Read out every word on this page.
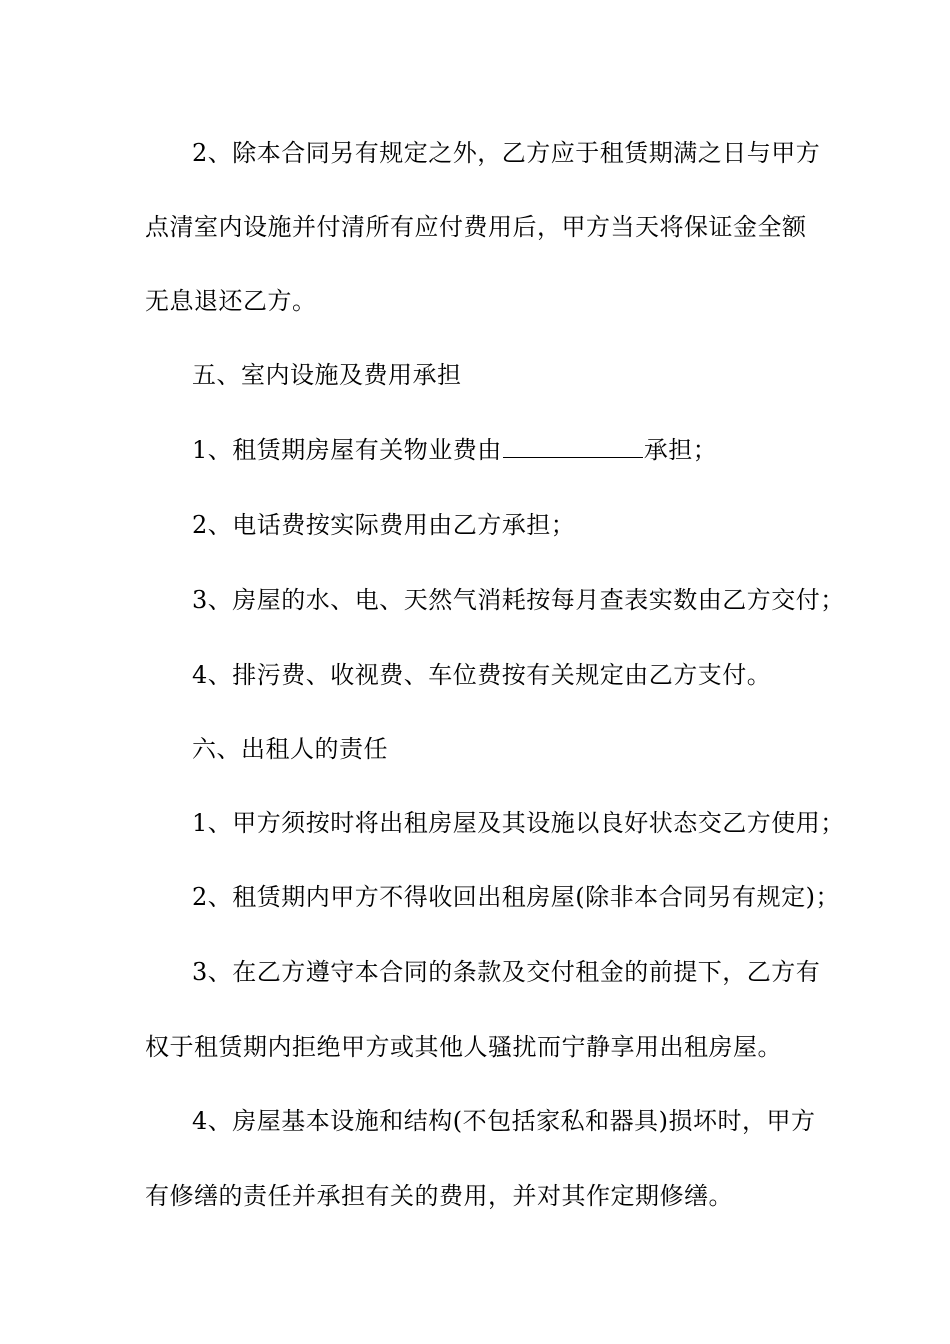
2、除本合同另有规定之外，乙方应于租赁期满之日与甲方
点清室内设施并付清所有应付费用后，甲方当天将保证金全额
无息退还乙方。
五、室内设施及费用承担
1、租赁期房屋有关物业费由	承担；
2、电话费按实际费用由乙方承担；
3、房屋的水、电、天然气消耗按每月查表实数由乙方交付；
4、排污费、收视费、车位费按有关规定由乙方支付。
六、出租人的责任
1、甲方须按时将出租房屋及其设施以良好状态交乙方使用；
2、租赁期内甲方不得收回出租房屋(除非本合同另有规定)；
3、在乙方遵守本合同的条款及交付租金的前提下，乙方有
权于租赁期内拒绝甲方或其他人骚扰而宁静享用出租房屋。
4、房屋基本设施和结构(不包括家私和器具)损坏时，甲方
有修缮的责任并承担有关的费用，并对其作定期修缮。
